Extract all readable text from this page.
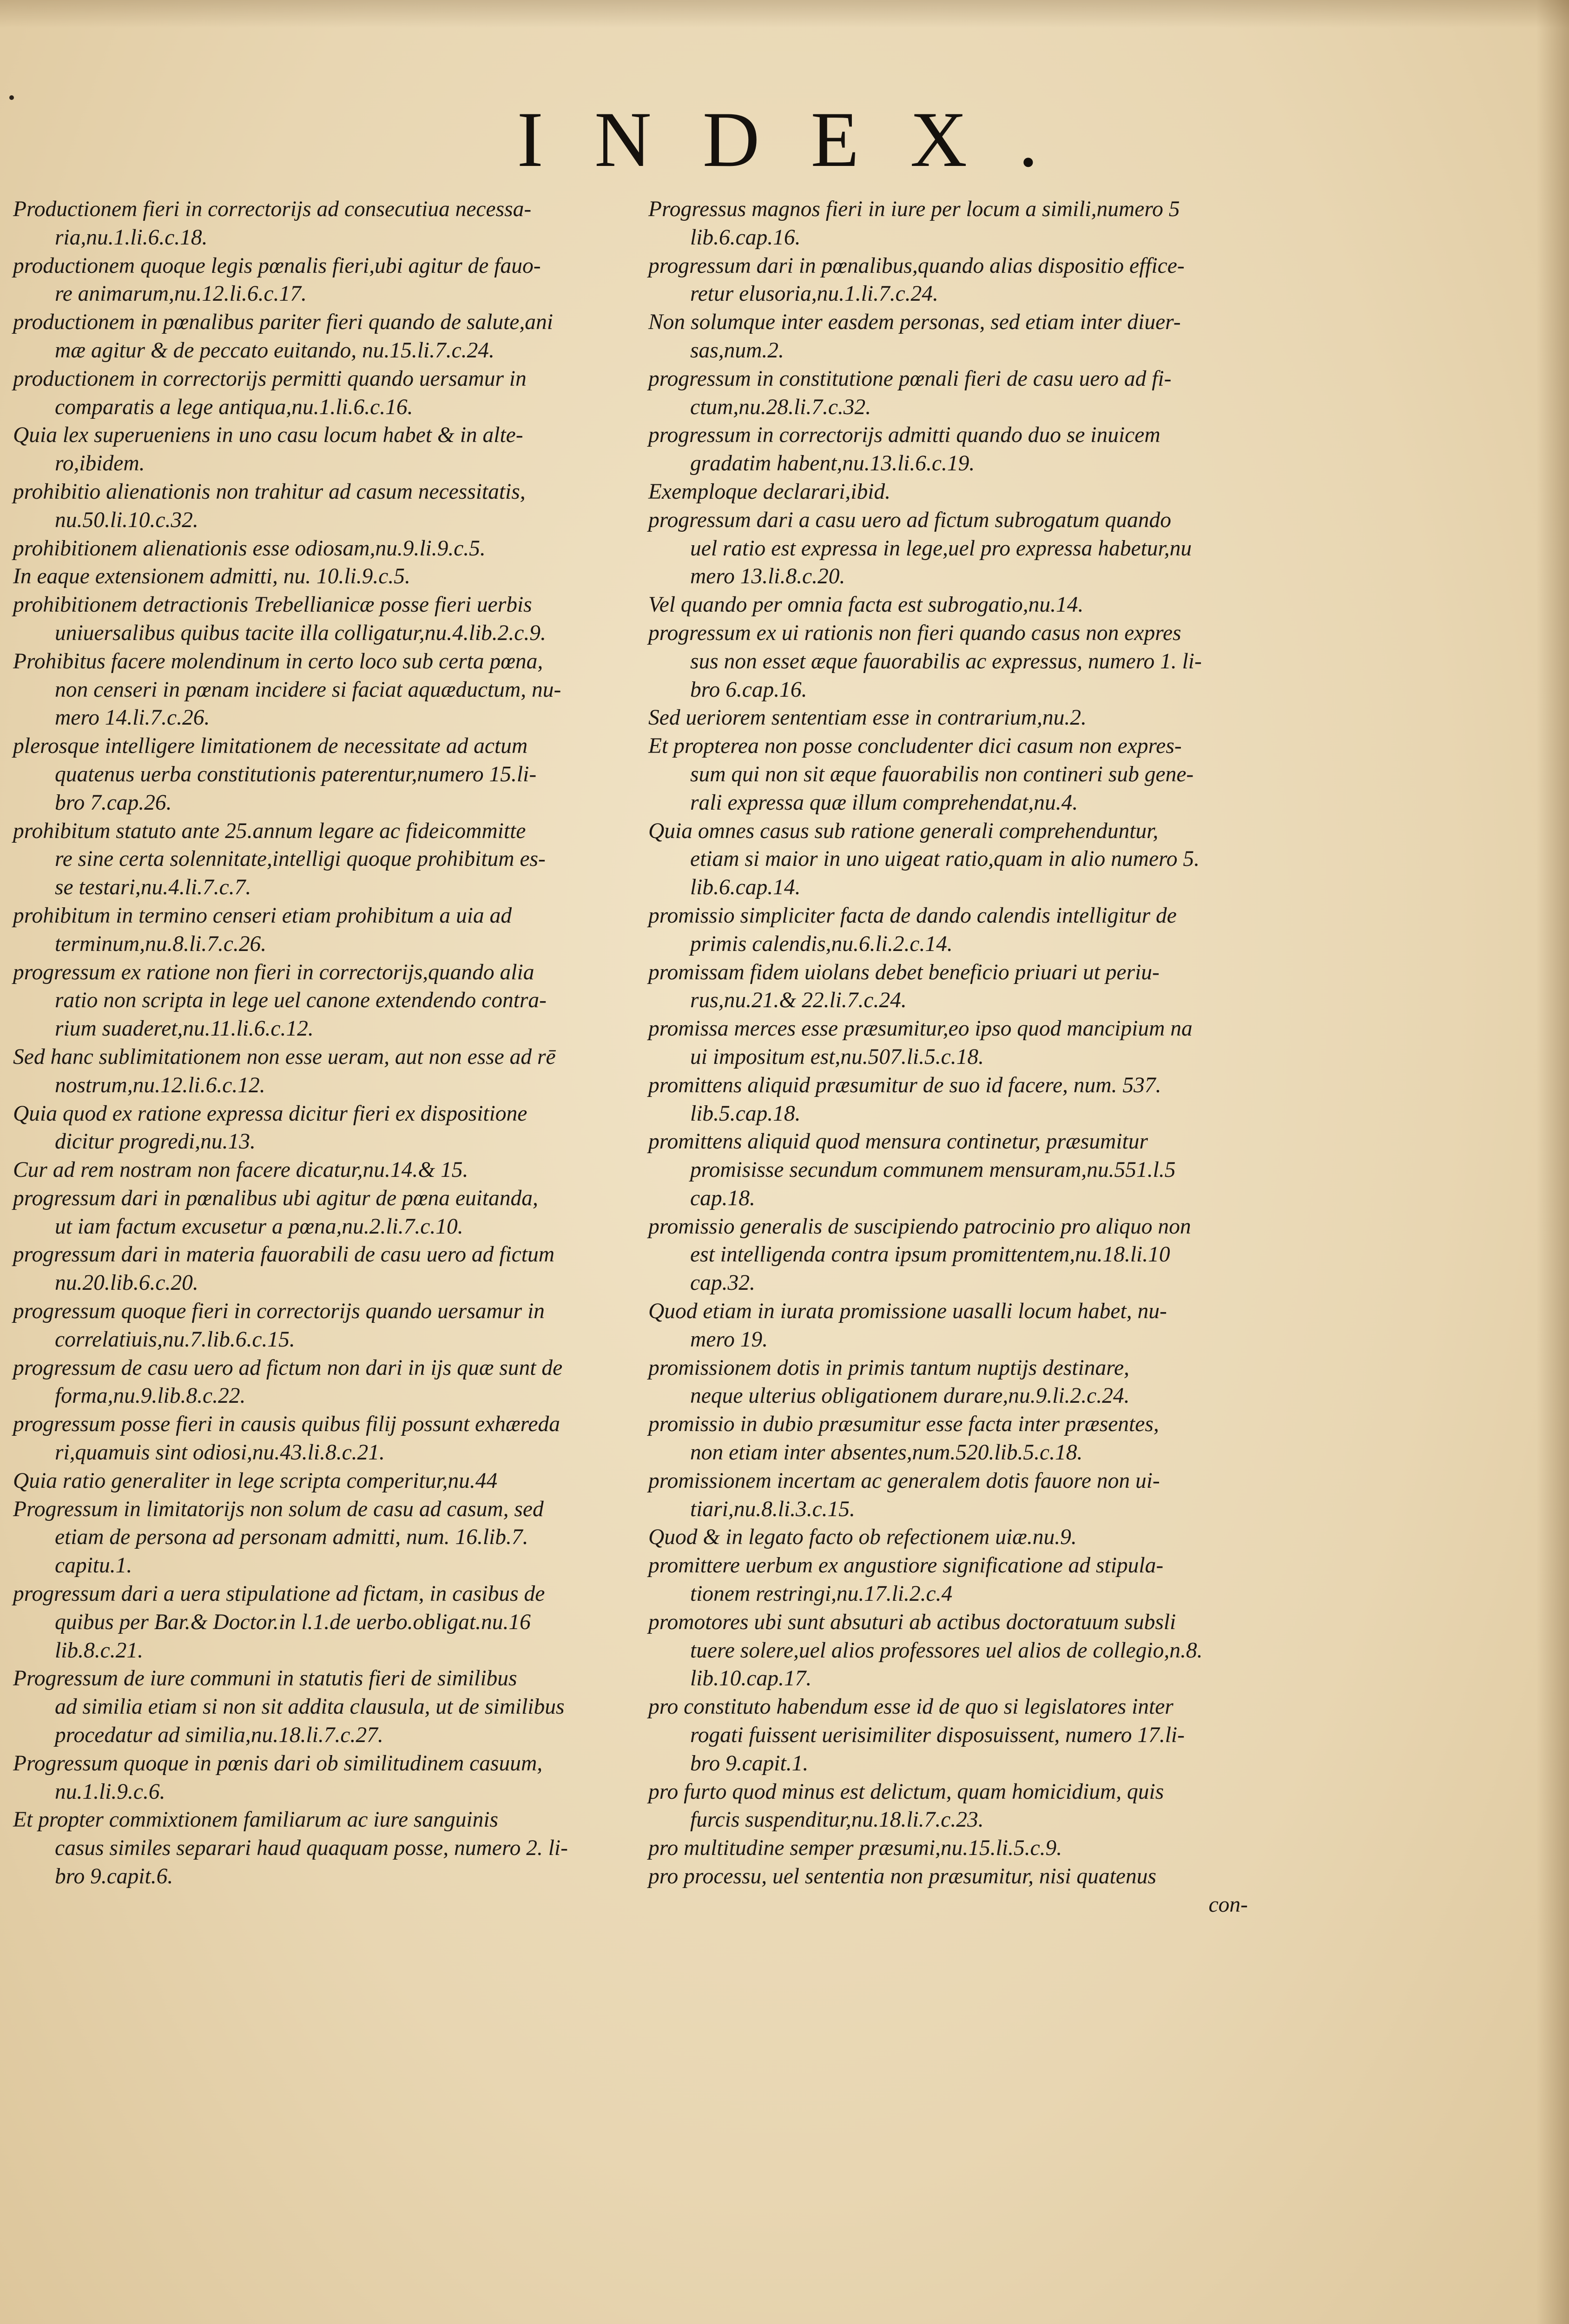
INDEX.
Productionem fieri in correctorijs ad consecutiua necessa-
ria,nu.1.li.6.c.18.
productionem quoque legis pœnalis fieri,ubi agitur de fauo-
re animarum,nu.12.li.6.c.17.
productionem in pœnalibus pariter fieri quando de salute,ani
mæ agitur & de peccato euitando, nu.15.li.7.c.24.
productionem in correctorijs permitti quando uersamur in
comparatis a lege antiqua,nu.1.li.6.c.16.
Quia lex superueniens in uno casu locum habet & in alte-
ro,ibidem.
prohibitio alienationis non trahitur ad casum necessitatis,
nu.50.li.10.c.32.
prohibitionem alienationis esse odiosam,nu.9.li.9.c.5.
In eaque extensionem admitti, nu. 10.li.9.c.5.
prohibitionem detractionis Trebellianicæ posse fieri uerbis
uniuersalibus quibus tacite illa colligatur,nu.4.lib.2.c.9.
Prohibitus facere molendinum in certo loco sub certa pœna,
non censeri in pœnam incidere si faciat aquæductum, nu-
mero 14.li.7.c.26.
plerosque intelligere limitationem de necessitate ad actum
quatenus uerba constitutionis paterentur,numero 15.li-
bro 7.cap.26.
prohibitum statuto ante 25.annum legare ac fideicommitte
re sine certa solennitate,intelligi quoque prohibitum es-
se testari,nu.4.li.7.c.7.
prohibitum in termino censeri etiam prohibitum a uia ad
terminum,nu.8.li.7.c.26.
progressum ex ratione non fieri in correctorijs,quando alia
ratio non scripta in lege uel canone extendendo contra-
rium suaderet,nu.11.li.6.c.12.
Sed hanc sublimitationem non esse ueram, aut non esse ad rē
nostrum,nu.12.li.6.c.12.
Quia quod ex ratione expressa dicitur fieri ex dispositione
dicitur progredi,nu.13.
Cur ad rem nostram non facere dicatur,nu.14.& 15.
progressum dari in pœnalibus ubi agitur de pœna euitanda,
ut iam factum excusetur a pœna,nu.2.li.7.c.10.
progressum dari in materia fauorabili de casu uero ad fictum
nu.20.lib.6.c.20.
progressum quoque fieri in correctorijs quando uersamur in
correlatiuis,nu.7.lib.6.c.15.
progressum de casu uero ad fictum non dari in ijs quæ sunt de
forma,nu.9.lib.8.c.22.
progressum posse fieri in causis quibus filij possunt exhæreda
ri,quamuis sint odiosi,nu.43.li.8.c.21.
Quia ratio generaliter in lege scripta comperitur,nu.44
Progressum in limitatorijs non solum de casu ad casum, sed
etiam de persona ad personam admitti, num. 16.lib.7.
capitu.1.
progressum dari a uera stipulatione ad fictam, in casibus de
quibus per Bar.& Doctor.in l.1.de uerbo.obligat.nu.16
lib.8.c.21.
Progressum de iure communi in statutis fieri de similibus
ad similia etiam si non sit addita clausula, ut de similibus
procedatur ad similia,nu.18.li.7.c.27.
Progressum quoque in pœnis dari ob similitudinem casuum,
nu.1.li.9.c.6.
Et propter commixtionem familiarum ac iure sanguinis
casus similes separari haud quaquam posse, numero 2. li-
bro 9.capit.6.
Progressus magnos fieri in iure per locum a simili,numero 5
lib.6.cap.16.
progressum dari in pœnalibus,quando alias dispositio effice-
retur elusoria,nu.1.li.7.c.24.
Non solumque inter easdem personas, sed etiam inter diuer-
sas,num.2.
progressum in constitutione pœnali fieri de casu uero ad fi-
ctum,nu.28.li.7.c.32.
progressum in correctorijs admitti quando duo se inuicem
gradatim habent,nu.13.li.6.c.19.
Exemploque declarari,ibid.
progressum dari a casu uero ad fictum subrogatum quando
uel ratio est expressa in lege,uel pro expressa habetur,nu
mero 13.li.8.c.20.
Vel quando per omnia facta est subrogatio,nu.14.
progressum ex ui rationis non fieri quando casus non expres
sus non esset æque fauorabilis ac expressus, numero 1. li-
bro 6.cap.16.
Sed ueriorem sententiam esse in contrarium,nu.2.
Et propterea non posse concludenter dici casum non expres-
sum qui non sit æque fauorabilis non contineri sub gene-
rali expressa quæ illum comprehendat,nu.4.
Quia omnes casus sub ratione generali comprehenduntur,
etiam si maior in uno uigeat ratio,quam in alio numero 5.
lib.6.cap.14.
promissio simpliciter facta de dando calendis intelligitur de
primis calendis,nu.6.li.2.c.14.
promissam fidem uiolans debet beneficio priuari ut periu-
rus,nu.21.& 22.li.7.c.24.
promissa merces esse præsumitur,eo ipso quod mancipium na
ui impositum est,nu.507.li.5.c.18.
promittens aliquid præsumitur de suo id facere, num. 537.
lib.5.cap.18.
promittens aliquid quod mensura continetur, præsumitur
promisisse secundum communem mensuram,nu.551.l.5
cap.18.
promissio generalis de suscipiendo patrocinio pro aliquo non
est intelligenda contra ipsum promittentem,nu.18.li.10
cap.32.
Quod etiam in iurata promissione uasalli locum habet, nu-
mero 19.
promissionem dotis in primis tantum nuptijs destinare,
neque ulterius obligationem durare,nu.9.li.2.c.24.
promissio in dubio præsumitur esse facta inter præsentes,
non etiam inter absentes,num.520.lib.5.c.18.
promissionem incertam ac generalem dotis fauore non ui-
tiari,nu.8.li.3.c.15.
Quod & in legato facto ob refectionem uiæ.nu.9.
promittere uerbum ex angustiore significatione ad stipula-
tionem restringi,nu.17.li.2.c.4
promotores ubi sunt absuturi ab actibus doctoratuum subsli
tuere solere,uel alios professores uel alios de collegio,n.8.
lib.10.cap.17.
pro constituto habendum esse id de quo si legislatores inter
rogati fuissent uerisimiliter disposuissent, numero 17.li-
bro 9.capit.1.
pro furto quod minus est delictum, quam homicidium, quis
furcis suspenditur,nu.18.li.7.c.23.
pro multitudine semper præsumi,nu.15.li.5.c.9.
pro processu, uel sententia non præsumitur, nisi quatenus
con-
